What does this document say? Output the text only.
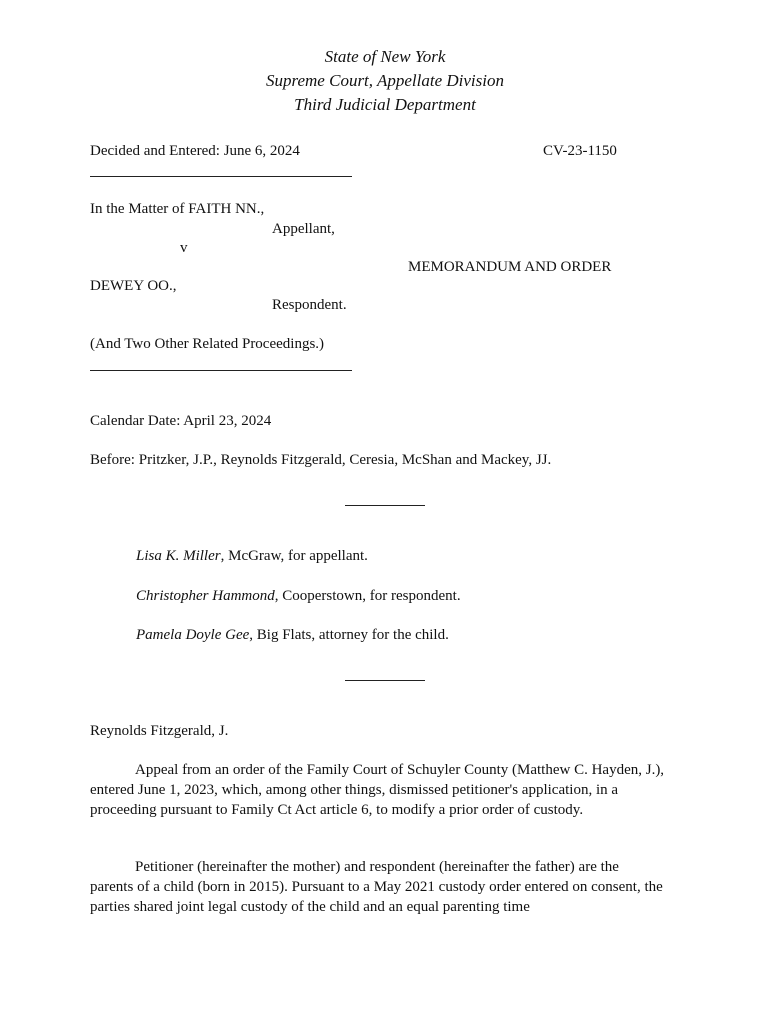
State of New York
Supreme Court, Appellate Division
Third Judicial Department
Decided and Entered: June 6, 2024	CV-23-1150
In the Matter of FAITH NN.,
Appellant,
v
MEMORANDUM AND ORDER
DEWEY OO.,
Respondent.
(And Two Other Related Proceedings.)
Calendar Date: April 23, 2024
Before: Pritzker, J.P., Reynolds Fitzgerald, Ceresia, McShan and Mackey, JJ.
Lisa K. Miller, McGraw, for appellant.
Christopher Hammond, Cooperstown, for respondent.
Pamela Doyle Gee, Big Flats, attorney for the child.
Reynolds Fitzgerald, J.
Appeal from an order of the Family Court of Schuyler County (Matthew C. Hayden, J.), entered June 1, 2023, which, among other things, dismissed petitioner's application, in a proceeding pursuant to Family Ct Act article 6, to modify a prior order of custody.
Petitioner (hereinafter the mother) and respondent (hereinafter the father) are the parents of a child (born in 2015). Pursuant to a May 2021 custody order entered on consent, the parties shared joint legal custody of the child and an equal parenting time
